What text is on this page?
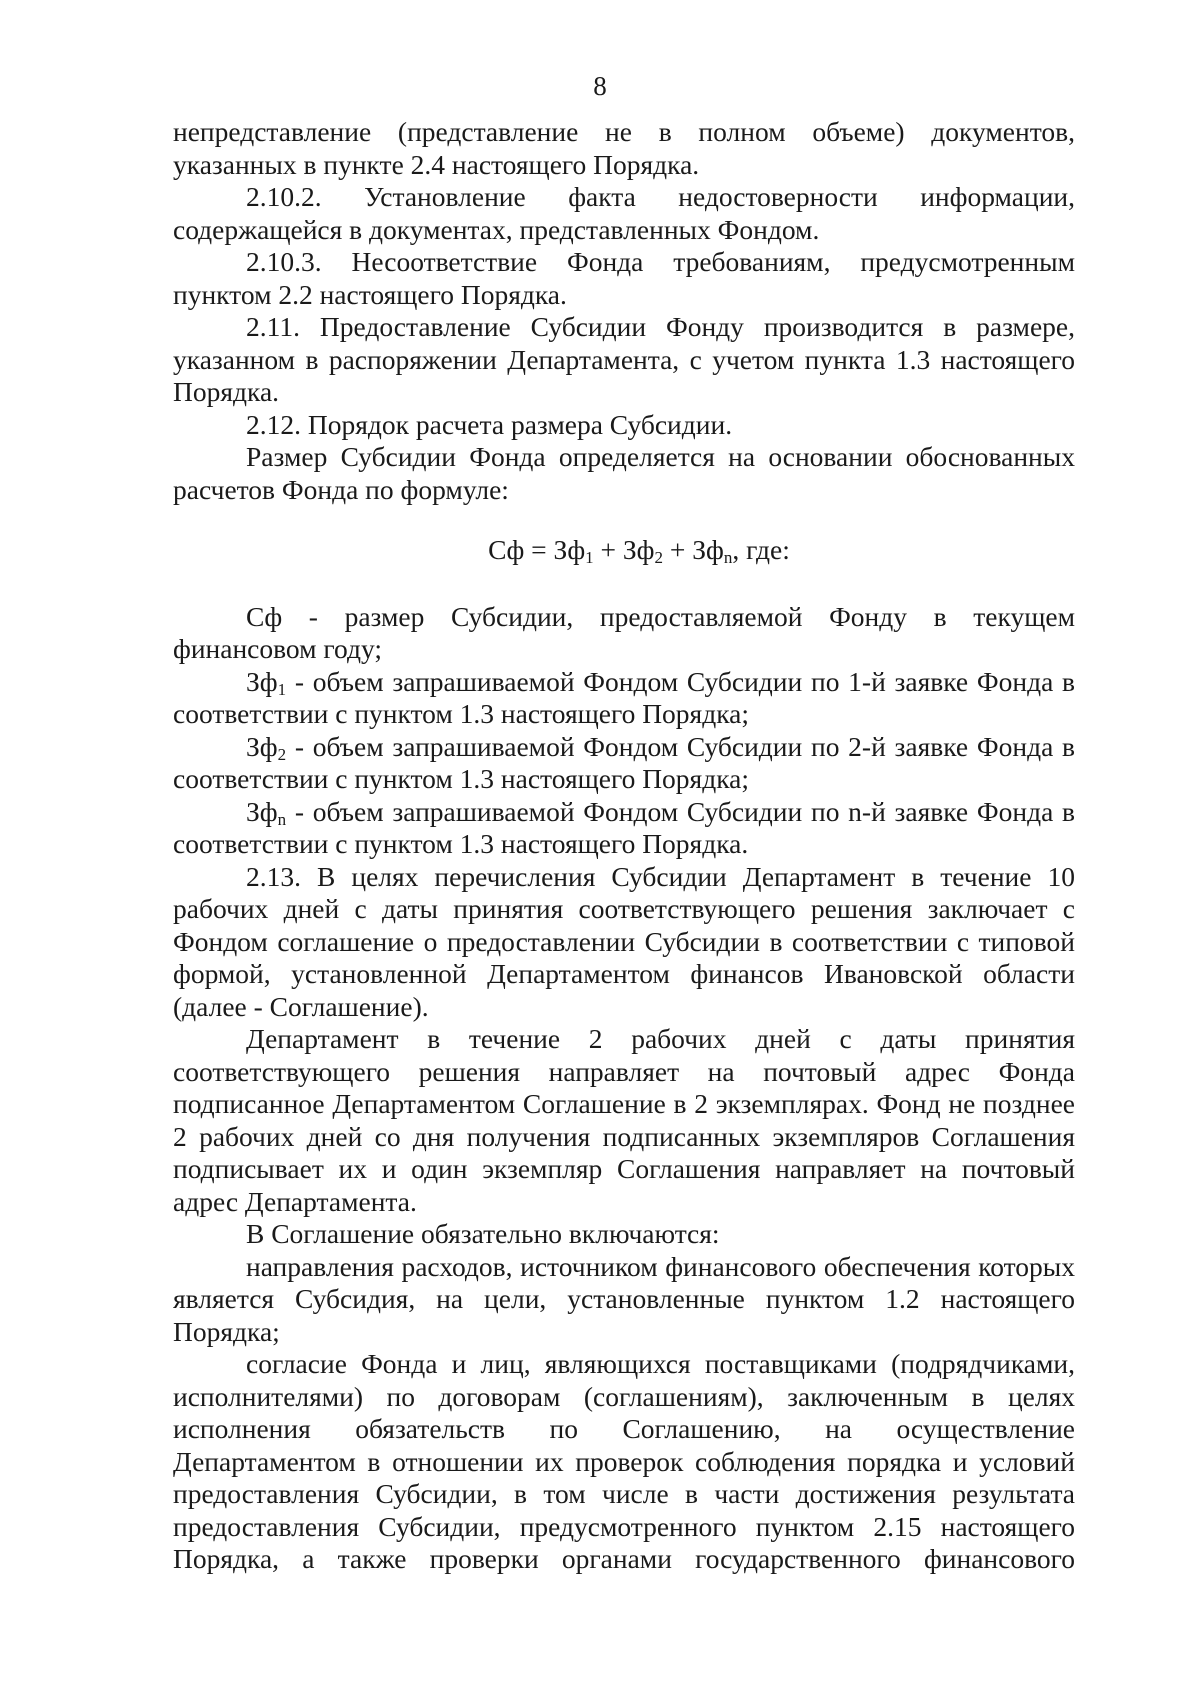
8

непредставление (представление не в полном объеме) документов, указанных в пункте 2.4 настоящего Порядка.

2.10.2. Установление факта недостоверности информации, содержащейся в документах, представленных Фондом.

2.10.3. Несоответствие Фонда требованиям, предусмотренным пунктом 2.2 настоящего Порядка.

2.11. Предоставление Субсидии Фонду производится в размере, указанном в распоряжении Департамента, с учетом пункта 1.3 настоящего Порядка.

2.12. Порядок расчета размера Субсидии.

Размер Субсидии Фонда определяется на основании обоснованных расчетов Фонда по формуле:

Сф = $Зф_1 + Зф_2 + Зф_n$, где:

Сф - размер Субсидии, предоставляемой Фонду в текущем финансовом году;

$Зф_1$ - объем запрашиваемой Фондом Субсидии по 1-й заявке Фонда в соответствии с пунктом 1.3 настоящего Порядка;

$Зф_2$ - объем запрашиваемой Фондом Субсидии по 2-й заявке Фонда в соответствии с пунктом 1.3 настоящего Порядка;

$Зф_n$ - объем запрашиваемой Фондом Субсидии по n-й заявке Фонда в соответствии с пунктом 1.3 настоящего Порядка.

2.13. В целях перечисления Субсидии Департамент в течение 10 рабочих дней с даты принятия соответствующего решения заключает с Фондом соглашение о предоставлении Субсидии в соответствии с типовой формой, установленной Департаментом финансов Ивановской области (далее - Соглашение).

Департамент в течение 2 рабочих дней с даты принятия соответствующего решения направляет на почтовый адрес Фонда подписанное Департаментом Соглашение в 2 экземплярах. Фонд не позднее 2 рабочих дней со дня получения подписанных экземпляров Соглашения подписывает их и один экземпляр Соглашения направляет на почтовый адрес Департамента.

В Соглашение обязательно включаются:

направления расходов, источником финансового обеспечения которых является Субсидия, на цели, установленные пунктом 1.2 настоящего Порядка;

согласие Фонда и лиц, являющихся поставщиками (подрядчиками, исполнителями) по договорам (соглашениям), заключенным в целях исполнения обязательств по Соглашению, на осуществление Департаментом в отношении их проверок соблюдения порядка и условий предоставления Субсидии, в том числе в части достижения результата предоставления Субсидии, предусмотренного пунктом 2.15 настоящего Порядка, а также проверки органами государственного финансового
